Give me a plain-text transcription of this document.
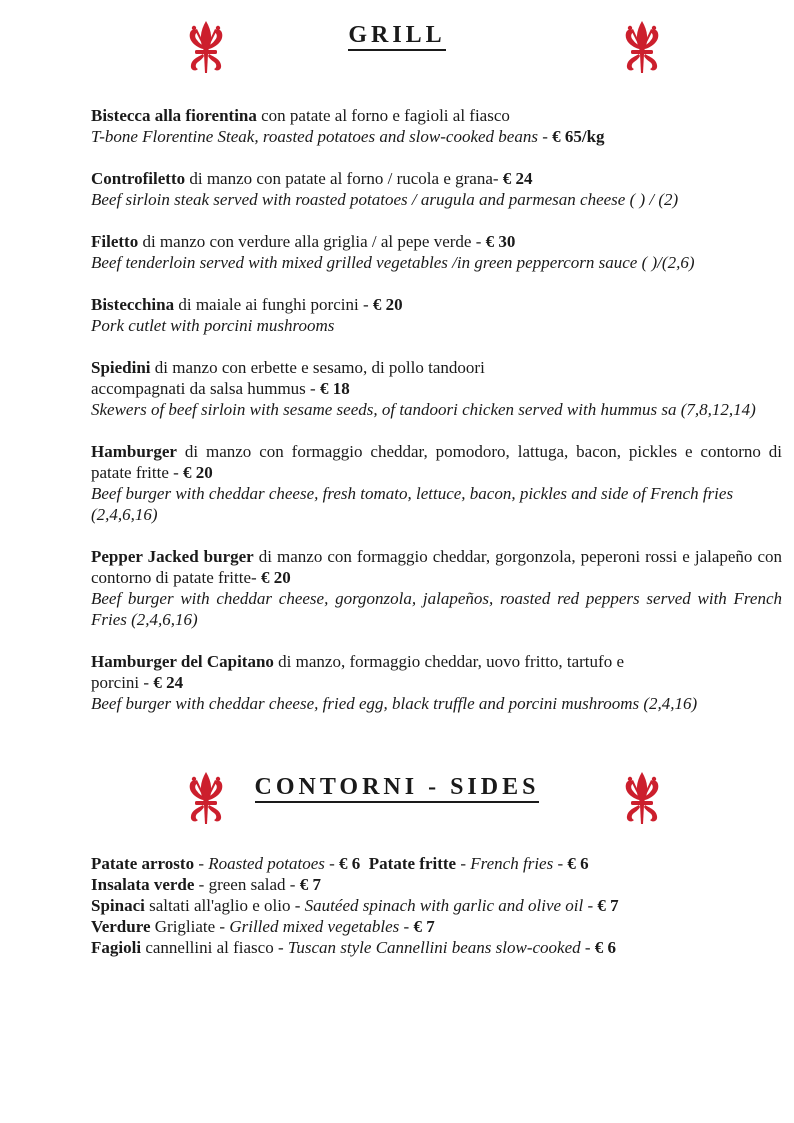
GRILL

Bistecca alla fiorentina con patate al forno e fagioli al fiasco

T-bone Florentine Steak, roasted potatoes and slow-cooked beans - € 65/kg

Controfiletto di manzo con patate al forno / rucola e grana- € 24

Beef sirloin steak served with roasted potatoes / arugula and parmesan cheese ( ) / (2)

Filetto di manzo con verdure alla griglia / al pepe verde - € 30

Beef tenderloin served with mixed grilled vegetables /in green peppercorn sauce ( )/(2,6)

Bistecchina di maiale ai funghi porcini - € 20

Pork cutlet with porcini mushrooms

Spiedini di manzo con erbette e sesamo, di pollo tandoori

accompagnati da salsa hummus - € 18

Skewers of beef sirloin with sesame seeds, of tandoori chicken served with hummus sa (7,8,12,14)

Hamburger di manzo con formaggio cheddar, pomodoro, lattuga, bacon, pickles e contorno di patate fritte - € 20

Beef burger with cheddar cheese, fresh tomato, lettuce, bacon, pickles and side of French fries (2,4,6,16)

Pepper Jacked burger di manzo con formaggio cheddar, gorgonzola, peperoni rossi e jalapeño con contorno di patate fritte- € 20

Beef burger with cheddar cheese, gorgonzola, jalapeños, roasted red peppers served with French Fries (2,4,6,16)

Hamburger del Capitano di manzo, formaggio cheddar, uovo fritto, tartufo e

porcini - € 24

Beef burger with cheddar cheese, fried egg, black truffle and porcini mushrooms (2,4,16)

CONTORNI - SIDES

Patate arrosto - Roasted potatoes - € 6 Patate fritte - French fries - € 6

Insalata verde - green salad - € 7

Spinaci saltati all'aglio e olio - Sautéed spinach with garlic and olive oil - € 7

Verdure Grigliate - Grilled mixed vegetables - € 7

Fagioli cannellini al fiasco - Tuscan style Cannellini beans slow-cooked - € 6
